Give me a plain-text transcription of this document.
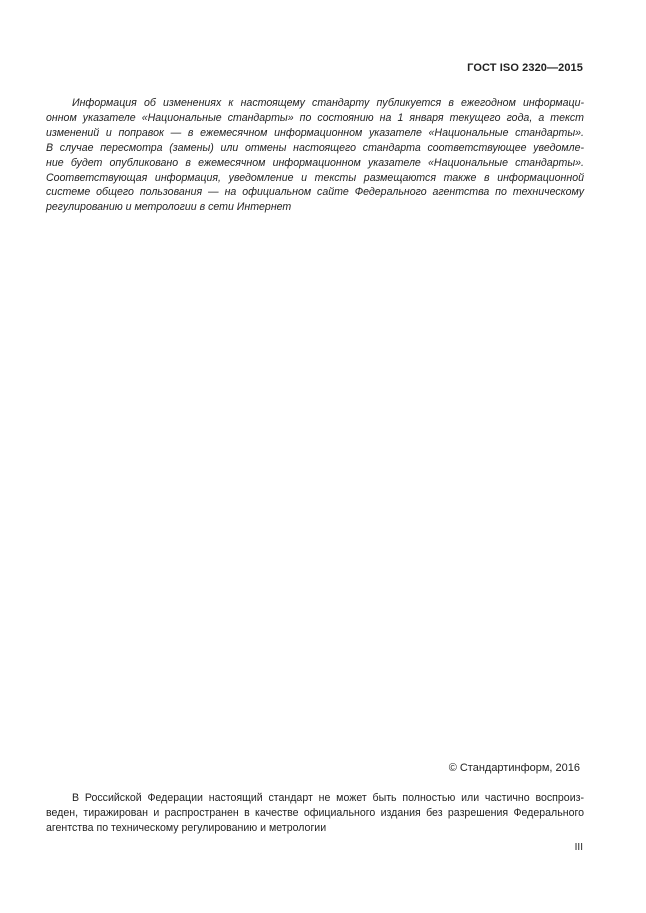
ГОСТ ISO 2320—2015
Информация об изменениях к настоящему стандарту публикуется в ежегодном информаци-
онном указателе «Национальные стандарты» по состоянию на 1 января текущего года, а текст
изменений и поправок — в ежемесячном информационном указателе «Национальные стандарты».
В случае пересмотра (замены) или отмены настоящего стандарта соответствующее уведомле-
ние будет опубликовано в ежемесячном информационном указателе «Национальные стандарты».
Соответствующая информация, уведомление и тексты размещаются также в информационной
системе общего пользования — на официальном сайте Федерального агентства по техническому
регулированию и метрологии в сети Интернет
© Стандартинформ, 2016
В Российской Федерации настоящий стандарт не может быть полностью или частично воспроиз-
веден, тиражирован и распространен в качестве официального издания без разрешения Федерального
агентства по техническому регулированию и метрологии
III
